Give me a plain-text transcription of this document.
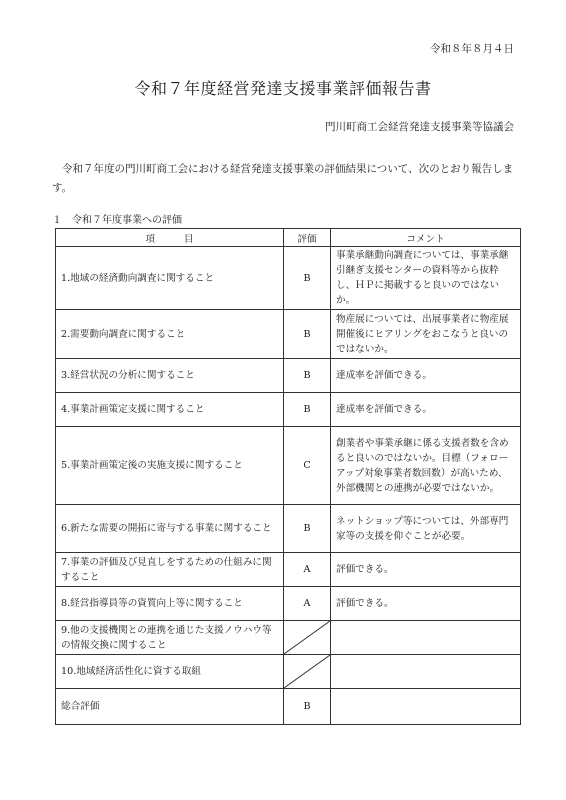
令和８年８月４日
令和７年度経営発達支援事業評価報告書
門川町商工会経営発達支援事業等協議会
令和７年度の門川町商工会における経営発達支援事業の評価結果について、次のとおり報告します。
１　令和７年度事業への評価
項　　　目	評価	コメント
1.地域の経済動向調査に関すること	B	事業承継動向調査については、事業承継引継ぎ支援センターの資料等から抜粋し、ＨＰに掲載すると良いのではないか。
2.需要動向調査に関すること	B	物産展については、出展事業者に物産展開催後にヒアリングをおこなうと良いのではないか。
3.経営状況の分析に関すること	B	達成率を評価できる。
4.事業計画策定支援に関すること	B	達成率を評価できる。
5.事業計画策定後の実施支援に関すること	C	創業者や事業承継に係る支援者数を含めると良いのではないか。目標（フォローアップ対象事業者数回数）が高いため、外部機関との連携が必要ではないか。
6.新たな需要の開拓に寄与する事業に関すること	B	ネットショップ等については、外部専門家等の支援を仰ぐことが必要。
7.事業の評価及び見直しをするための仕組みに関すること	A	評価できる。
8.経営指導員等の資質向上等に関すること	A	評価できる。
9.他の支援機関との連携を通じた支援ノウハウ等の情報交換に関すること	

10.地域経済活性化に資する取組	

総合評価	B	
